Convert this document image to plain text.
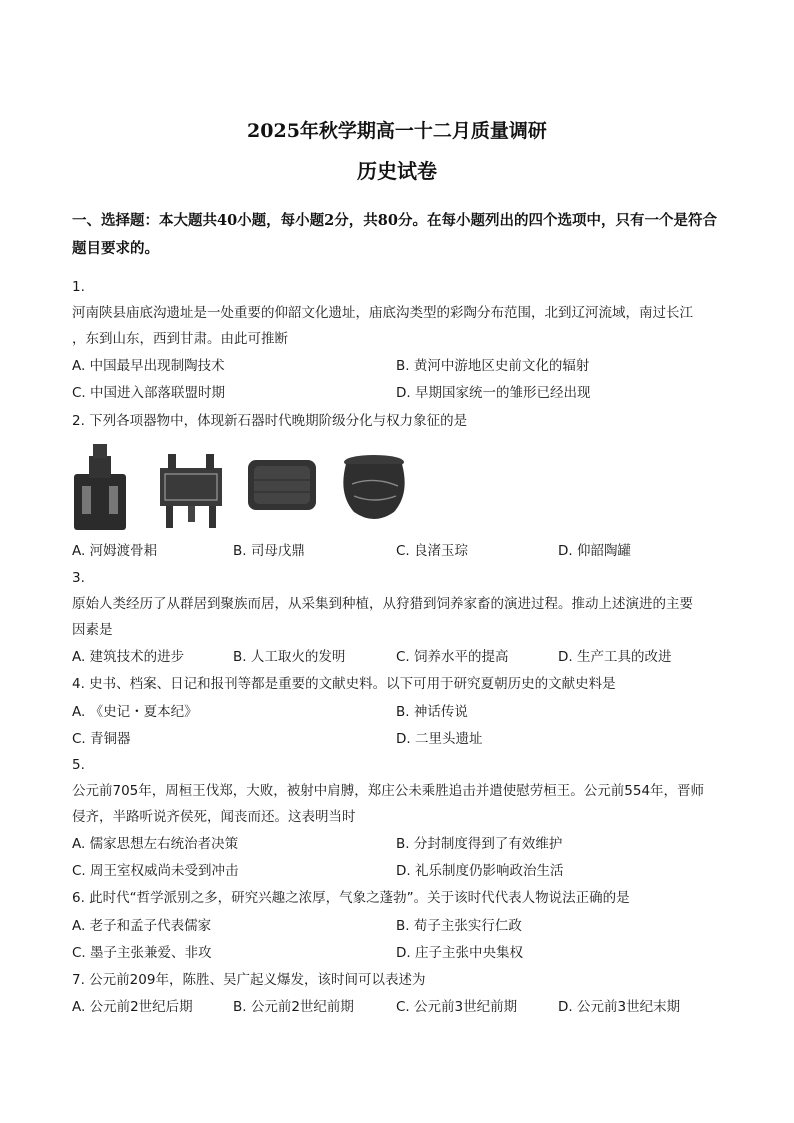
2025年秋学期高一十二月质量调研
历史试卷
一、选择题：本大题共40小题，每小题2分，共80分。在每小题列出的四个选项中，只有一个是符合题目要求的。
1.
河南陕县庙底沟遗址是一处重要的仰韶文化遗址，庙底沟类型的彩陶分布范围，北到辽河流域，南过长江
，东到山东，西到甘肃。由此可推断
A. 中国最早出现制陶技术	B. 黄河中游地区史前文化的辐射
C. 中国进入部落联盟时期	D. 早期国家统一的雏形已经出现
2. 下列各项器物中，体现新石器时代晚期阶级分化与权力象征的是
A. 河姆渡骨耜	B. 司母戊鼎	C. 良渚玉琮	D. 仰韶陶罐
3.
原始人类经历了从群居到聚族而居，从采集到种植，从狩猎到饲养家畜的演进过程。推动上述演进的主要
因素是
A. 建筑技术的进步	B. 人工取火的发明	C. 饲养水平的提高	D. 生产工具的改进
4. 史书、档案、日记和报刊等都是重要的文献史料。以下可用于研究夏朝历史的文献史料是
A. 《史记・夏本纪》	B. 神话传说
C. 青铜器	D. 二里头遗址
5.
公元前705年，周桓王伐郑，大败，被射中肩膊，郑庄公未乘胜追击并遣使慰劳桓王。公元前554年，晋师
侵齐，半路听说齐侯死，闻丧而还。这表明当时
A. 儒家思想左右统治者决策	B. 分封制度得到了有效维护
C. 周王室权威尚未受到冲击	D. 礼乐制度仍影响政治生活
6. 此时代“哲学派别之多，研究兴趣之浓厚，气象之蓬勃”。关于该时代代表人物说法正确的是
A. 老子和孟子代表儒家	B. 荀子主张实行仁政
C. 墨子主张兼爱、非攻	D. 庄子主张中央集权
7. 公元前209年，陈胜、吴广起义爆发，该时间可以表述为
A. 公元前2世纪后期	B. 公元前2世纪前期	C. 公元前3世纪前期	D. 公元前3世纪末期
